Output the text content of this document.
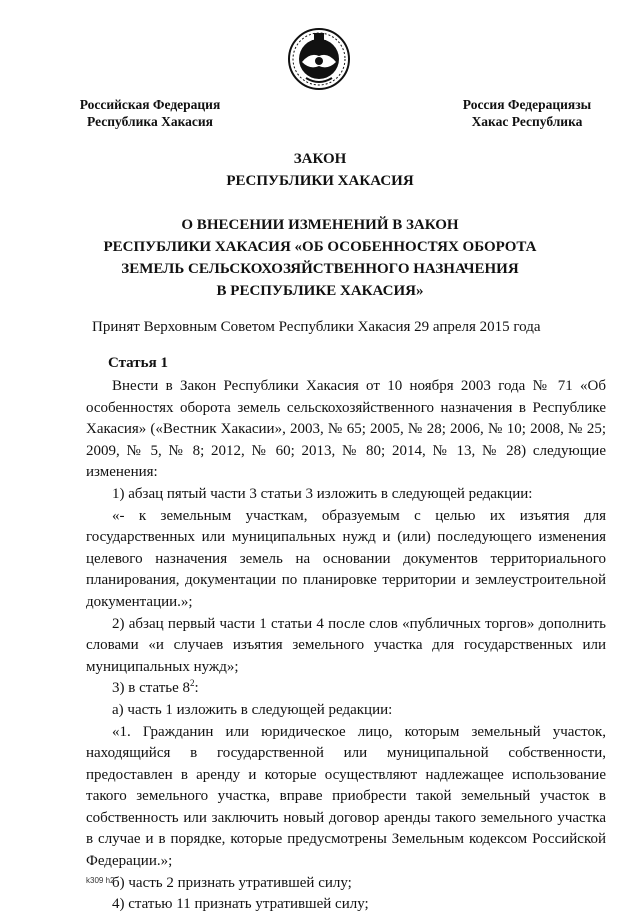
Российская Федерация
Республика Хакасия
Россия Федерациязы
Хакас Республика
ЗАКОН
РЕСПУБЛИКИ ХАКАСИЯ
О ВНЕСЕНИИ ИЗМЕНЕНИЙ В ЗАКОН
РЕСПУБЛИКИ ХАКАСИЯ «ОБ ОСОБЕННОСТЯХ ОБОРОТА
ЗЕМЕЛЬ СЕЛЬСКОХОЗЯЙСТВЕННОГО НАЗНАЧЕНИЯ
В РЕСПУБЛИКЕ ХАКАСИЯ»
Принят Верховным Советом Республики Хакасия 29 апреля 2015 года
Статья 1

Внести в Закон Республики Хакасия от 10 ноября 2003 года № 71 «Об особенностях оборота земель сельскохозяйственного назначения в Республике Хакасия» («Вестник Хакасии», 2003, № 65; 2005, № 28; 2006, № 10; 2008, № 25; 2009, № 5, № 8; 2012, № 60; 2013, № 80; 2014, № 13, № 28) следующие изменения:

1) абзац пятый части 3 статьи 3 изложить в следующей редакции:

«- к земельным участкам, образуемым с целью их изъятия для государственных или муниципальных нужд и (или) последующего изменения целевого назначения земель на основании документов территориального планирования, документации по планировке территории и землеустроительной документации.»;

2) абзац первый части 1 статьи 4 после слов «публичных торгов» дополнить словами «и случаев изъятия земельного участка для государственных или муниципальных нужд»;

3) в статье $8^2$:

а) часть 1 изложить в следующей редакции:

«1. Гражданин или юридическое лицо, которым земельный участок, находящийся в государственной или муниципальной собственности, предоставлен в аренду и которые осуществляют надлежащее использование такого земельного участка, вправе приобрести такой земельный участок в собственность или заключить новый договор аренды такого земельного участка в случае и в порядке, которые предусмотрены Земельным кодексом Российской Федерации.»;

б) часть 2 признать утратившей силу;

4) статью 11 признать утратившей силу;

k309 h2
